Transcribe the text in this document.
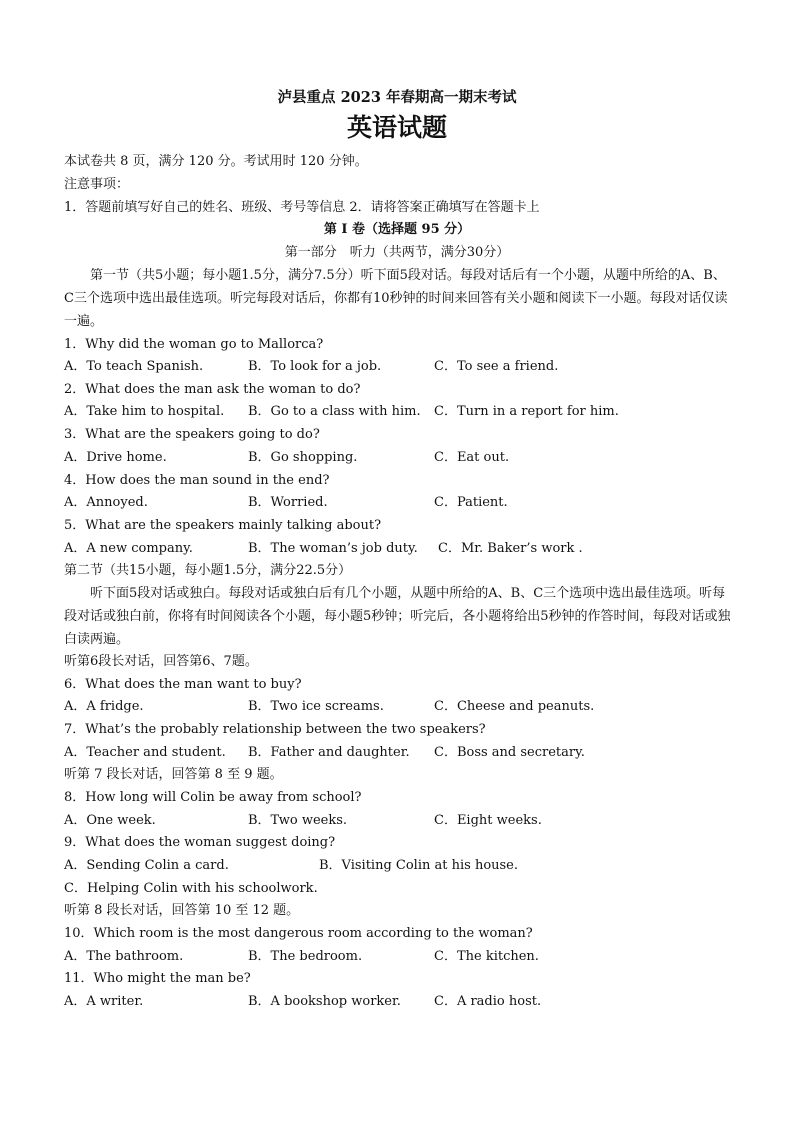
泸县重点 2023 年春期高一期末考试
英语试题
本试卷共 8 页，满分 120 分。考试用时 120 分钟。
注意事项：
1．答题前填写好自己的姓名、班级、考号等信息 2．请将答案正确填写在答题卡上
第 I 卷（选择题 95 分）
第一部分　听力（共两节，满分30分）
第一节（共5小题；每小题1.5分，满分7.5分）听下面5段对话。每段对话后有一个小题，从题中所给的A、B、C三个选项中选出最佳选项。听完每段对话后，你都有10秒钟的时间来回答有关小题和阅读下一小题。每段对话仅读一遍。
1．Why did the woman go to Mallorca?
A．To teach Spanish.	B．To look for a job.	C．To see a friend.
2．What does the man ask the woman to do?
A．Take him to hospital. B．Go to a class with him. C．Turn in a report for him.
3．What are the speakers going to do?
A．Drive home.	B．Go shopping.	C．Eat out.
4．How does the man sound in the end?
A．Annoyed.	B．Worried.	C．Patient.
5．What are the speakers mainly talking about?
A．A new company.	B．The woman’s job duty. C．Mr. Baker’s work .
第二节（共15小题，每小题1.5分，满分22.5分）
听下面5段对话或独白。每段对话或独白后有几个小题，从题中所给的A、B、C三个选项中选出最佳选项。听每段对话或独白前，你将有时间阅读各个小题，每小题5秒钟；听完后，各小题将给出5秒钟的作答时间，每段对话或独白读两遍。
听第6段长对话，回答第6、7题。
6．What does the man want to buy?
A．A fridge.	B．Two ice screams.	C．Cheese and peanuts.
7．What’s the probably relationship between the two speakers?
A．Teacher and student. B．Father and daughter. C．Boss and secretary.
听第 7 段长对话，回答第 8 至 9 题。
8．How long will Colin be away from school?
A．One week.	B．Two weeks.	C．Eight weeks.
9．What does the woman suggest doing?
A．Sending Colin a card.	B．Visiting Colin at his house.
C．Helping Colin with his schoolwork.
听第 8 段长对话，回答第 10 至 12 题。
10．Which room is the most dangerous room according to the woman?
A．The bathroom.	B．The bedroom.	C．The kitchen.
11．Who might the man be?
A．A writer.	B．A bookshop worker.	C．A radio host.
